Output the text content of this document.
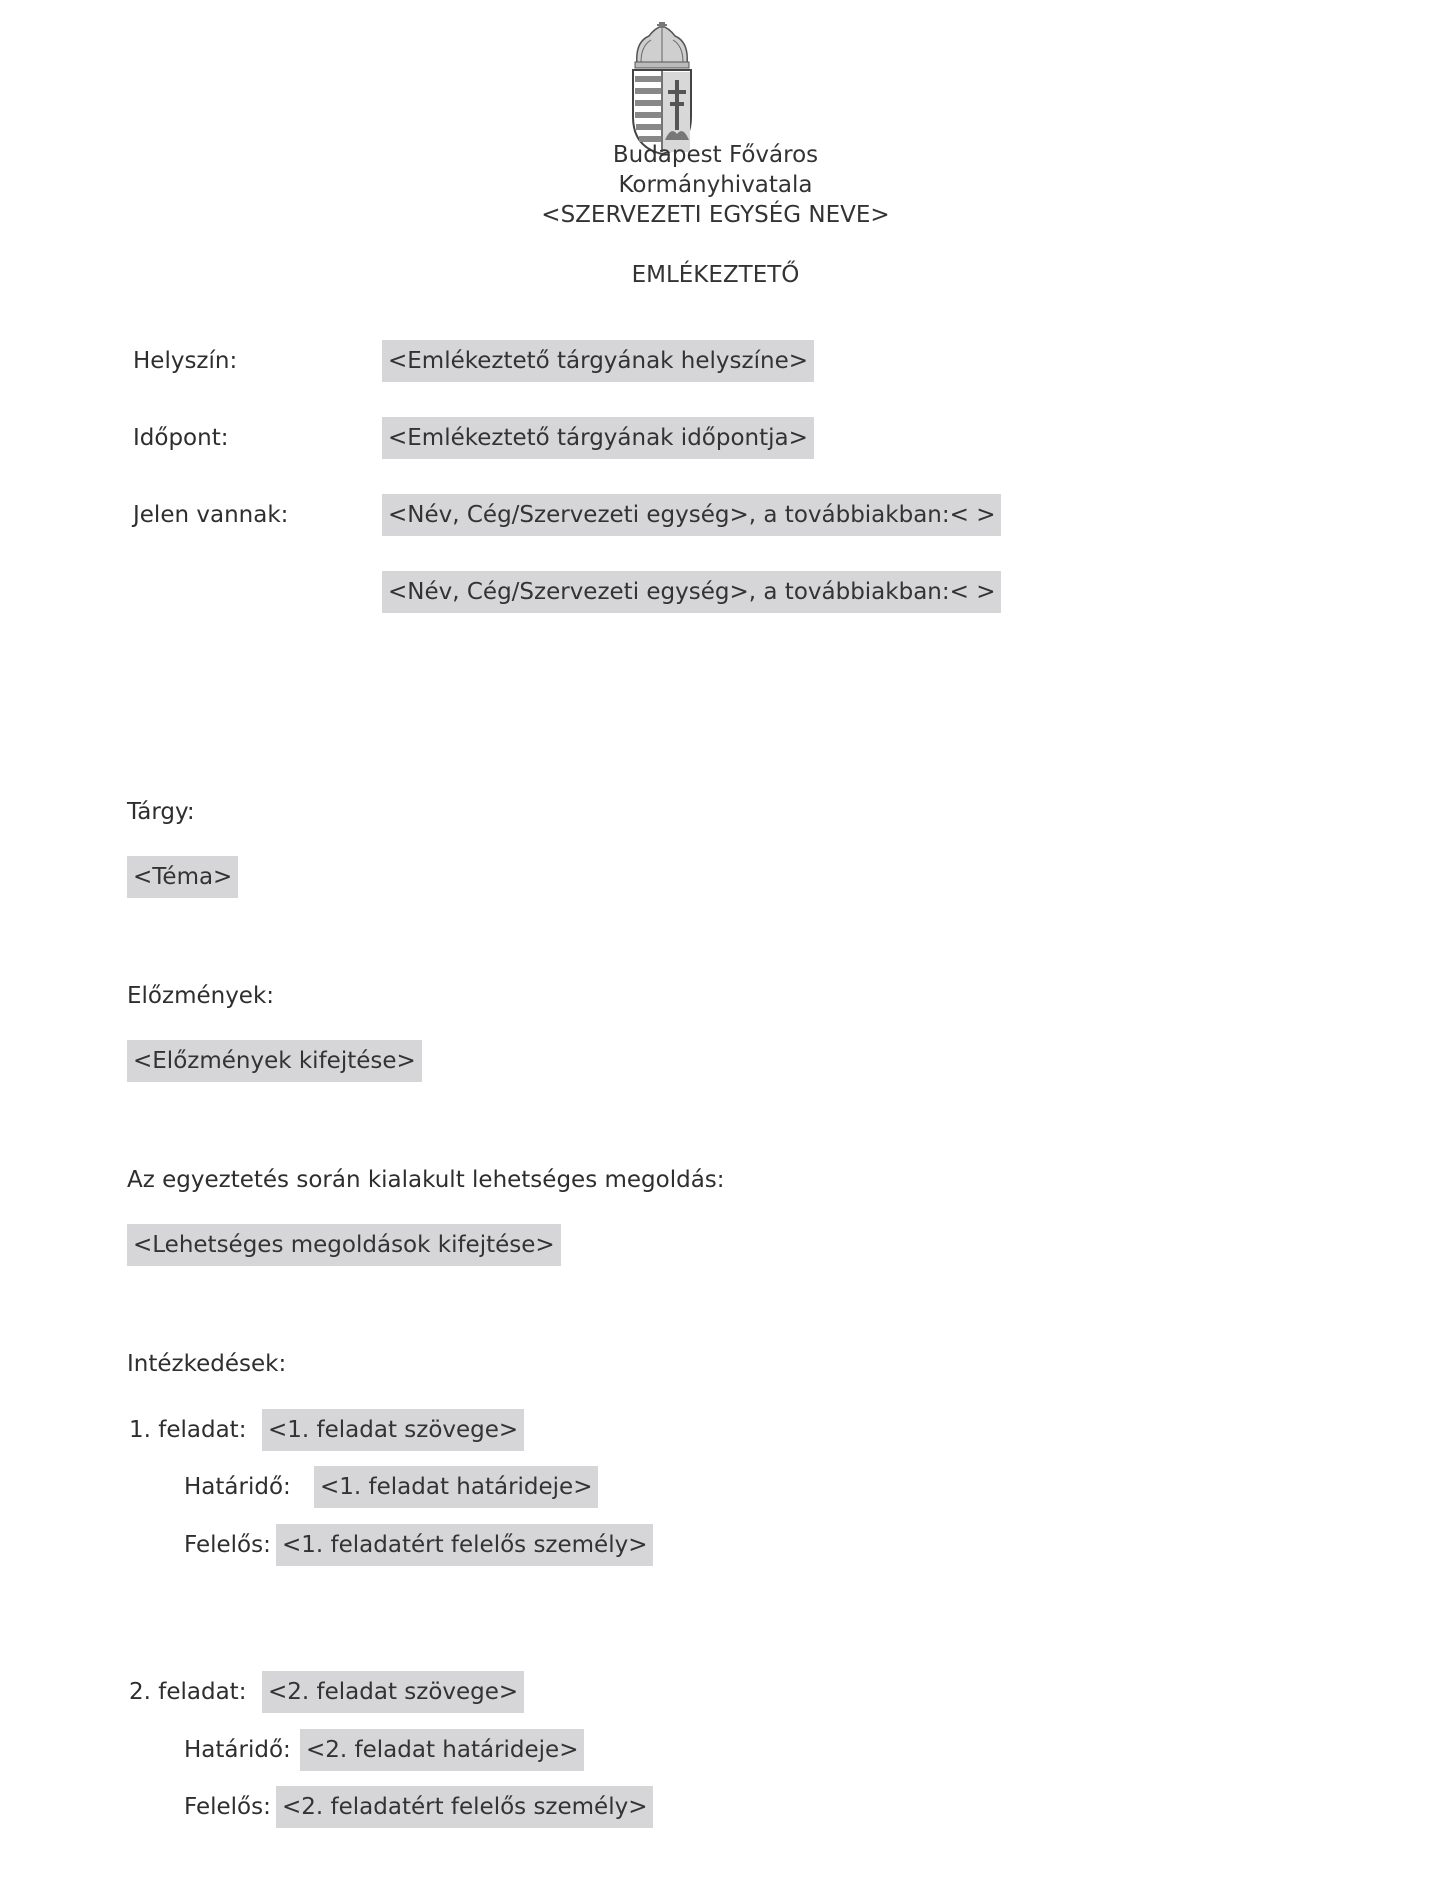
Budapest Főváros
Kormányhivatala
<SZERVEZETI EGYSÉG NEVE>
EMLÉKEZTETŐ
Helyszín:	<Emlékeztető tárgyának helyszíne>
Időpont:	<Emlékeztető tárgyának időpontja>
Jelen vannak:	<Név, Cég/Szervezeti egység>, a továbbiakban:< >
<Név, Cég/Szervezeti egység>, a továbbiakban:< >
Tárgy:
<Téma>
Előzmények:
<Előzmények kifejtése>
Az egyeztetés során kialakult lehetséges megoldás:
<Lehetséges megoldások kifejtése>
Intézkedések:
1. feladat: <1. feladat szövege>
Határidő: <1. feladat határideje>
Felelős: <1. feladatért felelős személy>
2. feladat: <2. feladat szövege>
Határidő: <2. feladat határideje>
Felelős: <2. feladatért felelős személy>
